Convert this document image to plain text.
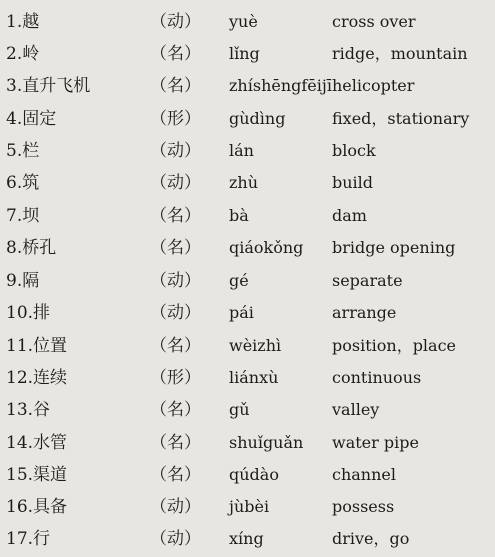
1.越	（动） yuè	cross over
2.岭	（名） lǐng	ridge，mountain
3.直升飞机	（名） zhíshēngfēijī helicopter
4.固定	（形） gùdìng	fixed，stationary
5.栏	（动） lán	block
6.筑	（动） zhù	build
7.坝	（名） bà	dam
8.桥孔	（名） qiáokǒng bridge opening
9.隔	（动） gé	separate
10.排	（动） pái	arrange
11.位置	（名） wèizhì	position，place
12.连续	（形） liánxù	continuous
13.谷	（名） gǔ	valley
14.水管	（名） shuǐguǎn water pipe
15.渠道	（名） qúdào	channel
16.具备	（动） jùbèi	possess
17.行	（动） xíng	drive，go
